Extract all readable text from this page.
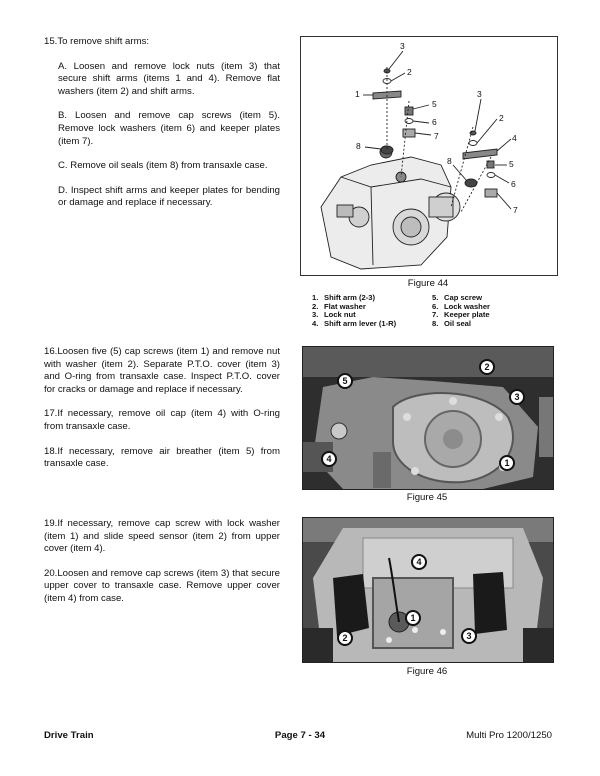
15.To remove shift arms:

A. Loosen and remove lock nuts (item 3) that secure shift arms (items 1 and 4). Remove flat washers (item 2) and shift arms.

B. Loosen and remove cap screws (item 5). Remove lock washers (item 6) and keeper plates (item 7).

C. Remove oil seals (item 8) from transaxle case.

D. Inspect shift arms and keeper plates for bending or damage and replace if necessary.

3
2
1
5
6
7
8
3
2
4
8	5
6
7
Figure 44
1. Shift arm (2-3)
2. Flat washer
3. Lock nut
4. Shift arm lever (1-R)
5. Cap screw
6. Lock washer
7. Keeper plate
8. Oil seal

16.Loosen five (5) cap screws (item 1) and remove nut with washer (item 2). Separate P.T.O. cover (item 3) and O-ring from transaxle case. Inspect P.T.O. cover for cracks or damage and replace if necessary.

17.If necessary, remove oil cap (item 4) with O-ring from transaxle case.

18.If necessary, remove air breather (item 5) from transaxle case.

2
5
3
4	1
Figure 45

19.If necessary, remove cap screw with lock washer (item 1) and slide speed sensor (item 2) from upper cover (item 4).

20.Loosen and remove cap screws (item 3) that secure upper cover to transaxle case. Remove upper cover (item 4) from case.

4
1
2	3
Figure 46
Drive Train	Page 7 - 34	Multi Pro 1200/1250
